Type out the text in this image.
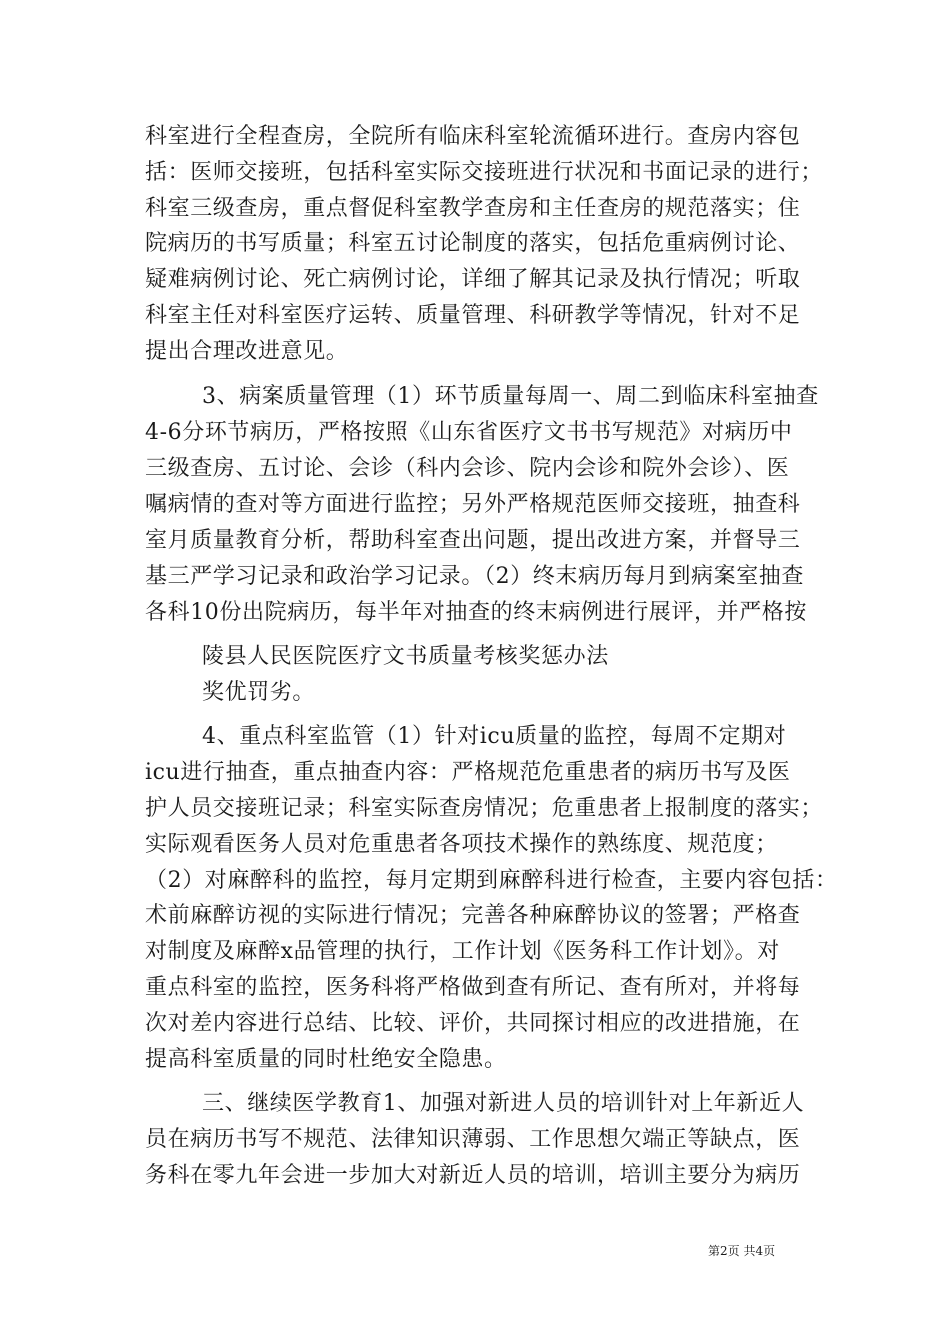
科室进行全程查房，全院所有临床科室轮流循环进行。查房内容包
括：医师交接班，包括科室实际交接班进行状况和书面记录的进行；
科室三级查房，重点督促科室教学查房和主任查房的规范落实；住
院病历的书写质量；科室五讨论制度的落实，包括危重病例讨论、
疑难病例讨论、死亡病例讨论，详细了解其记录及执行情况；听取
科室主任对科室医疗运转、质量管理、科研教学等情况，针对不足
提出合理改进意见。
3、病案质量管理（1）环节质量每周一、周二到临床科室抽查
4-6分环节病历，严格按照《山东省医疗文书书写规范》对病历中
三级查房、五讨论、会诊（科内会诊、院内会诊和院外会诊）、医
嘱病情的查对等方面进行监控；另外严格规范医师交接班，抽查科
室月质量教育分析，帮助科室查出问题，提出改进方案，并督导三
基三严学习记录和政治学习记录。（2）终末病历每月到病案室抽查
各科10份出院病历，每半年对抽查的终末病例进行展评，并严格按
陵县人民医院医疗文书质量考核奖惩办法
奖优罚劣。
4、重点科室监管（1）针对icu质量的监控，每周不定期对
icu进行抽查，重点抽查内容：严格规范危重患者的病历书写及医
护人员交接班记录；科室实际查房情况；危重患者上报制度的落实；
实际观看医务人员对危重患者各项技术操作的熟练度、规范度；
（2）对麻醉科的监控，每月定期到麻醉科进行检查，主要内容包括：
术前麻醉访视的实际进行情况；完善各种麻醉协议的签署；严格查
对制度及麻醉x品管理的执行，工作计划《医务科工作计划》。对
重点科室的监控，医务科将严格做到查有所记、查有所对，并将每
次对差内容进行总结、比较、评价，共同探讨相应的改进措施，在
提高科室质量的同时杜绝安全隐患。
三、继续医学教育1、加强对新进人员的培训针对上年新近人
员在病历书写不规范、法律知识薄弱、工作思想欠端正等缺点，医
务科在零九年会进一步加大对新近人员的培训，培训主要分为病历
第2页 共4页
